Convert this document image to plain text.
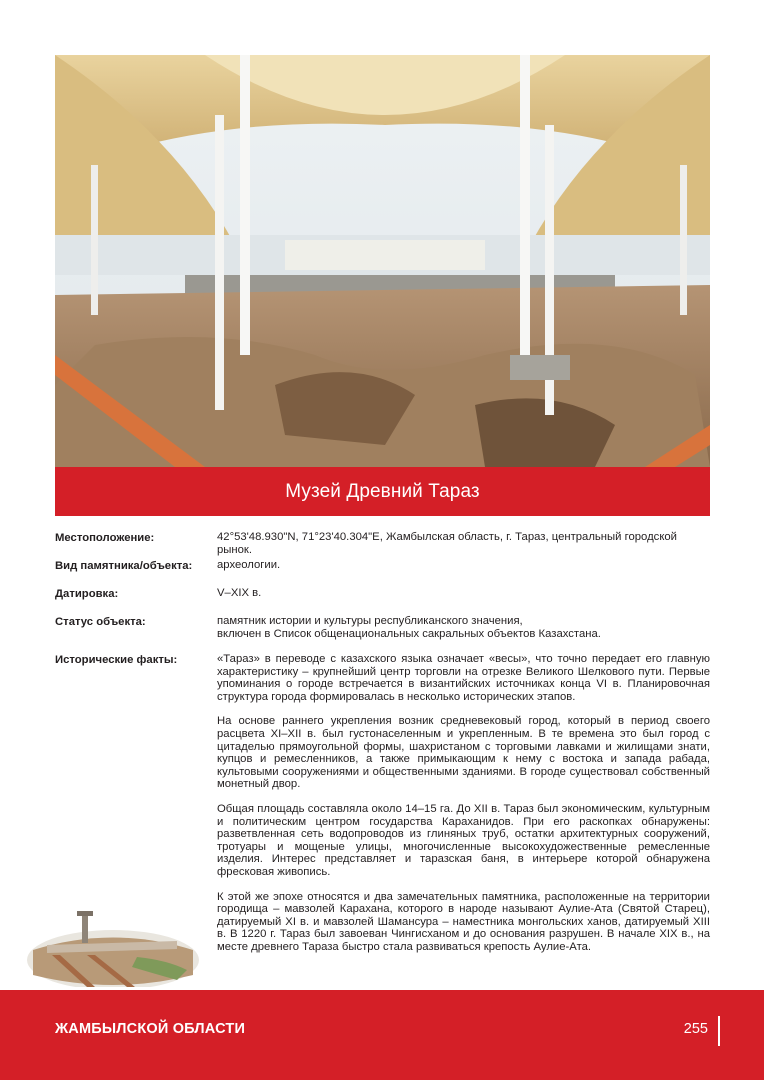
Музей Древний Тараз
Местоположение:	42°53'48.930"N, 71°23'40.304"E, Жамбылская область, г. Тараз, центральный городской рынок.
Вид памятника/объекта:	археологии.
Датировка:	V–XIX в.
Статус объекта:	памятник истории и культуры республиканского значения,
включен в Список общенациональных сакральных объектов Казахстана.
Исторические факты:	«Тараз» в переводе с казахского языка означает «весы», что точно передает его главную характеристику – крупнейший центр торговли на отрезке Великого Шелкового пути. Первые упоминания о городе встречается в византийских источниках конца VI в. Планировочная структура города формировалась в несколько исторических этапов.

На основе раннего укрепления возник средневековый город, который в период своего расцвета XI–XII в. был густонаселенным и укрепленным. В те времена это был город с цитаделью прямоугольной формы, шахристаном с торговыми лавками и жилищами знати, купцов и ремесленников, а также примыкающим к нему с востока и запада рабада, культовыми сооружениями и общественными зданиями. В городе существовал собственный монетный двор.

Общая площадь составляла около 14–15 га. До XII в. Тараз был экономическим, культурным и политическим центром государства Караханидов. При его раскопках обнаружены: разветвленная сеть водопроводов из глиняных труб, остатки архитектурных сооружений, тротуары и мощеные улицы, многочисленные высокохудожественные ремесленные изделия. Интерес представляет и таразская баня, в интерьере которой обнаружена фресковая живопись.

К этой же эпохе относятся и два замечательных памятника, расположенные на территории городища – мавзолей Карахана, которого в народе называют Аулие-Ата (Святой Старец), датируемый XI в. и мавзолей Шамансура – наместника монгольских ханов, датируемый XIII в. В 1220 г. Тараз был завоеван Чингисханом и до основания разрушен. В начале XIX в., на месте древнего Тараза быстро стала развиваться крепость Аулие-Ата.

ЖАМБЫЛСКОЙ ОБЛАСТИ	255
